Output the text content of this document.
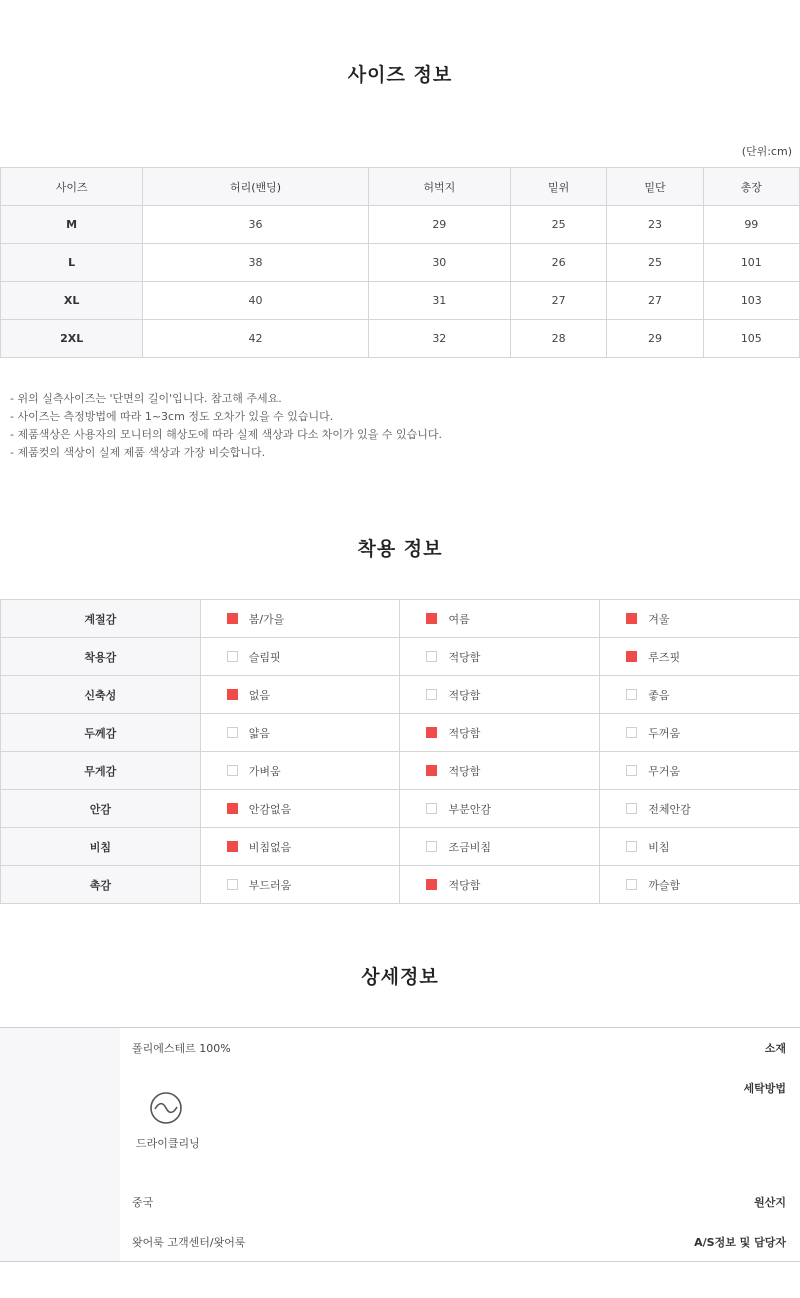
사이즈 정보
(단위:cm)
사이즈	허리(밴딩)	허벅지	밑위	밑단	총장
M	36	29	25	23	99
L	38	30	26	25	101
XL	40	31	27	27	103
2XL	42	32	28	29	105
- 위의 실측사이즈는 '단면의 길이'입니다. 참고해 주세요.
- 사이즈는 측정방법에 따라 1~3cm 정도 오차가 있을 수 있습니다.
- 제품색상은 사용자의 모니터의 해상도에 따라 실제 색상과 다소 차이가 있을 수 있습니다.
- 제품컷의 색상이 실제 제품 색상과 가장 비슷합니다.
착용 정보
계절감	봄/가을	여름	겨울
착용감	슬림핏	적당함	루즈핏
신축성	없음	적당함	좋음
두께감	얇음	적당함	두꺼움
무게감	가벼움	적당함	무거움
안감	안감없음	부분안감	전체안감
비침	비침없음	조금비침	비침
촉감	부드러움	적당함	까슬함
상세정보
소재
폴리에스테르 100%
세탁방법
드라이클리닝
원산지
중국
A/S정보 및 담당자
왓어룩 고객센터/왓어룩
